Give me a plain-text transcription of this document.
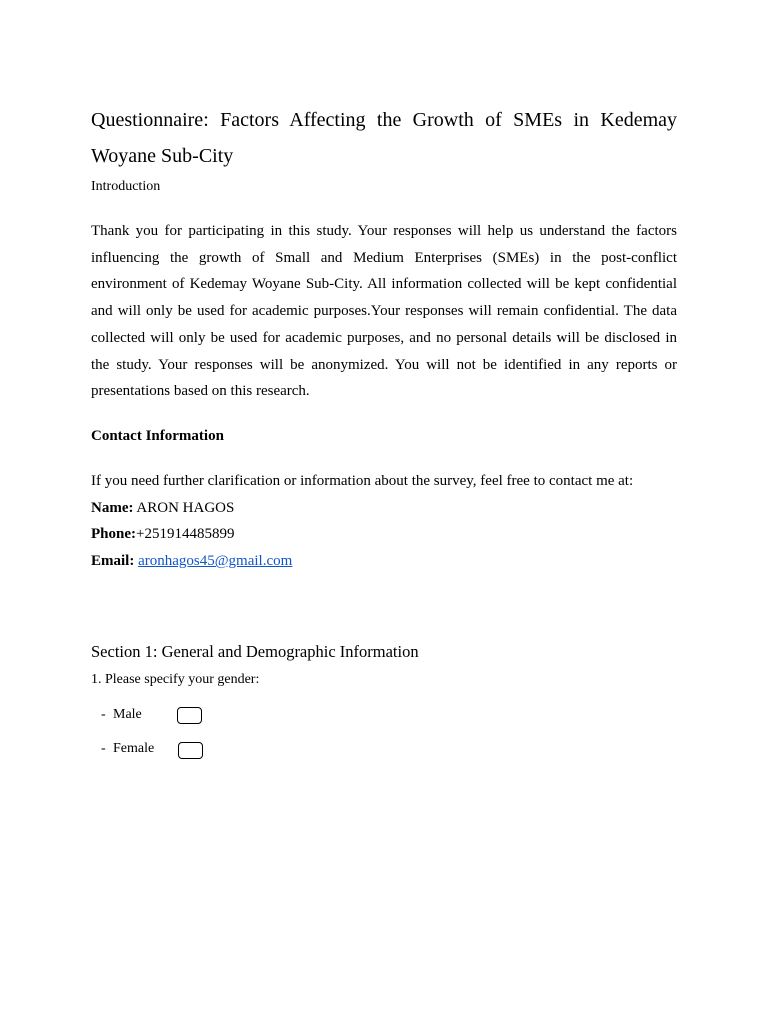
Questionnaire: Factors Affecting the Growth of SMEs in Kedemay Woyane Sub-City

Introduction

Thank you for participating in this study. Your responses will help us understand the factors influencing the growth of Small and Medium Enterprises (SMEs) in the post-conflict environment of Kedemay Woyane Sub-City. All information collected will be kept confidential and will only be used for academic purposes.Your responses will remain confidential. The data collected will only be used for academic purposes, and no personal details will be disclosed in the study. Your responses will be anonymized. You will not be identified in any reports or presentations based on this research.

Contact Information

If you need further clarification or information about the survey, feel free to contact me at:
Name: ARON HAGOS
Phone:+251914485899
Email: aronhagos45@gmail.com
Section 1: General and Demographic Information

1. Please specify your gender:

- Male
- Female
